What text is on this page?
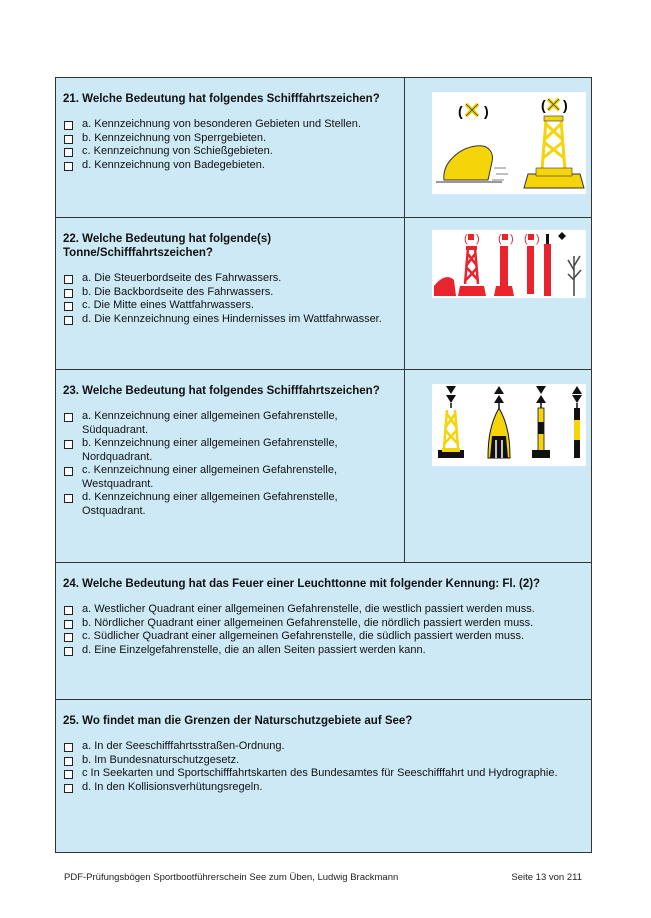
21. Welche Bedeutung hat folgendes Schifffahrtszeichen?
a. Kennzeichnung von besonderen Gebieten und Stellen.
b. Kennzeichnung von Sperrgebieten.
c. Kennzeichnung von Schießgebieten.
d. Kennzeichnung von Badegebieten.
( )	( )
22. Welche Bedeutung hat folgende(s) Tonne/Schifffahrtszeichen?
a. Die Steuerbordseite des Fahrwassers.
b. Die Backbordseite des Fahrwassers.
c. Die Mitte eines Wattfahrwassers.
d. Die Kennzeichnung eines Hindernisses im Wattfahrwasser.
( ) ( ) ( )
23. Welche Bedeutung hat folgendes Schifffahrtszeichen?
a. Kennzeichnung einer allgemeinen Gefahrenstelle, Südquadrant.
b. Kennzeichnung einer allgemeinen Gefahrenstelle, Nordquadrant.
c. Kennzeichnung einer allgemeinen Gefahrenstelle, Westquadrant.
d. Kennzeichnung einer allgemeinen Gefahrenstelle, Ostquadrant.
24. Welche Bedeutung hat das Feuer einer Leuchttonne mit folgender Kennung: Fl. (2)?
a. Westlicher Quadrant einer allgemeinen Gefahrenstelle, die westlich passiert werden muss.
b. Nördlicher Quadrant einer allgemeinen Gefahrenstelle, die nördlich passiert werden muss.
c. Südlicher Quadrant einer allgemeinen Gefahrenstelle, die südlich passiert werden muss.
d. Eine Einzelgefahrenstelle, die an allen Seiten passiert werden kann.
25. Wo findet man die Grenzen der Naturschutzgebiete auf See?
a. In der Seeschifffahrtsstraßen-Ordnung.
b. Im Bundesnaturschutzgesetz.
c In Seekarten und Sportschifffahrtskarten des Bundesamtes für Seeschifffahrt und Hydrographie.
d. In den Kollisionsverhütungsregeln.
PDF-Prüfungsbögen Sportbootführerschein See zum Üben, Ludwig Brackmann	Seite 13 von 211
